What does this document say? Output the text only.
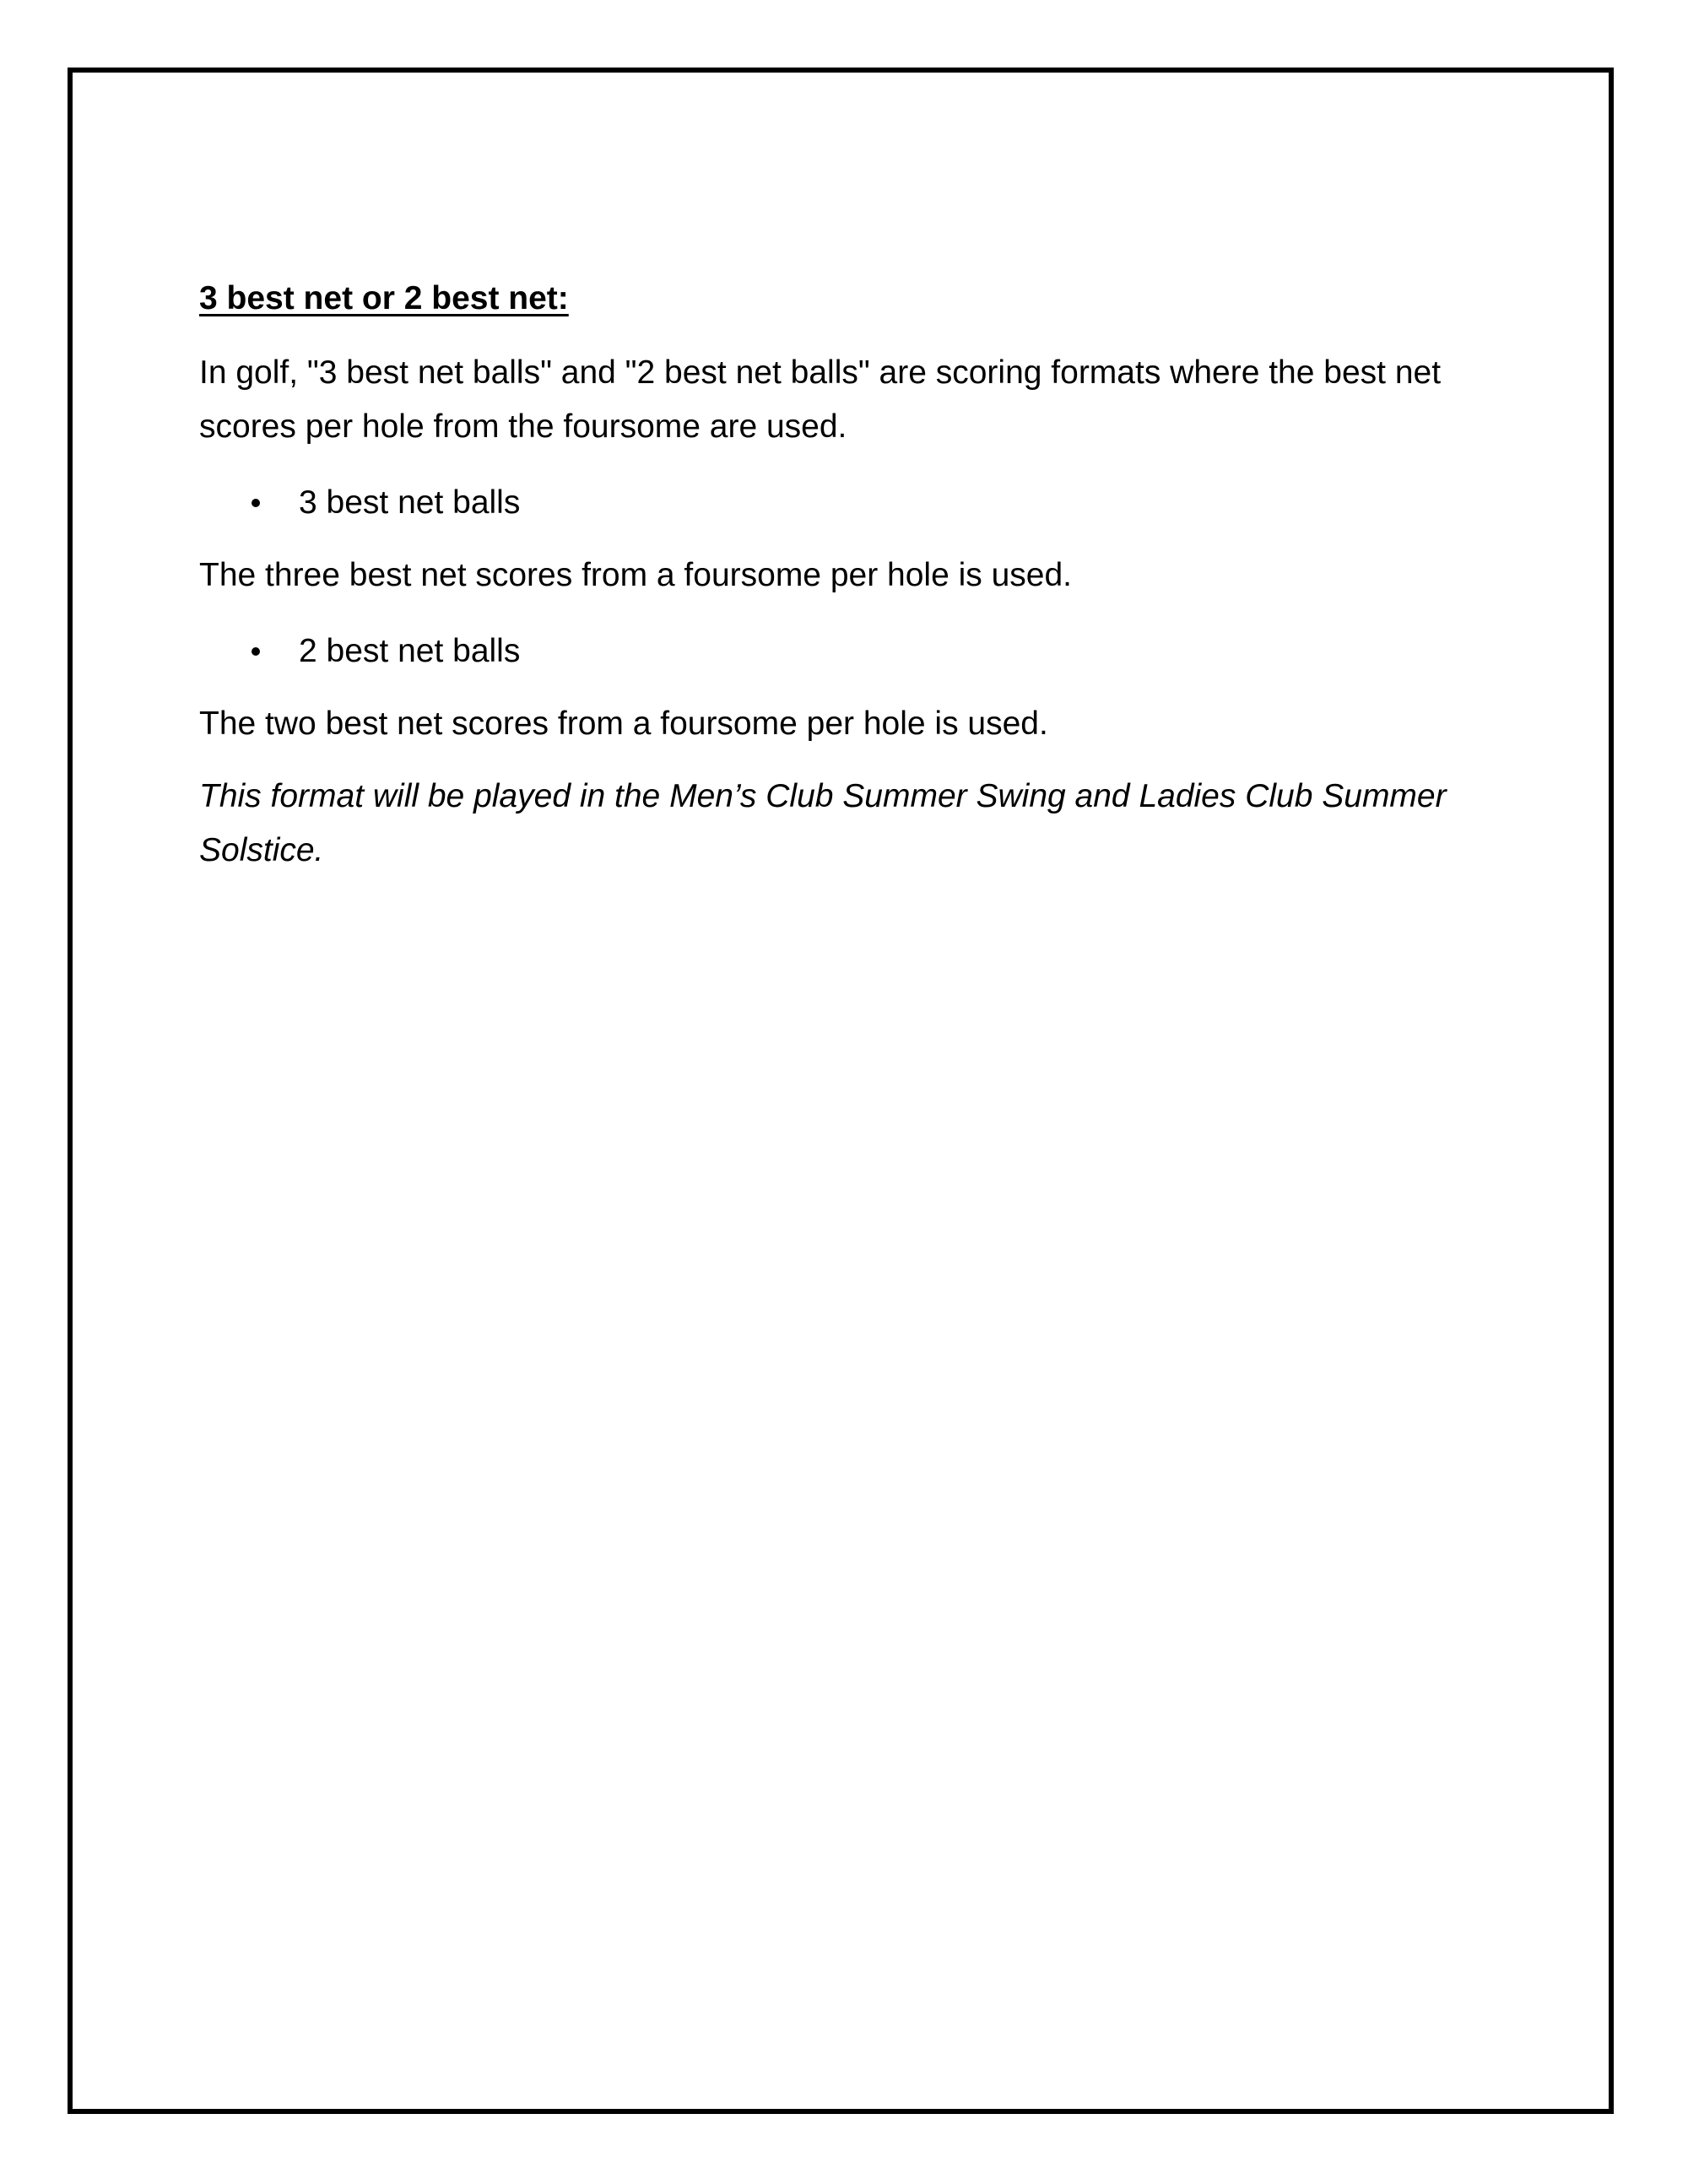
3 best net or 2 best net:

In golf, "3 best net balls" and "2 best net balls" are scoring formats where the best net scores per hole from the foursome are used.

3 best net balls

The three best net scores from a foursome per hole is used.

2 best net balls

The two best net scores from a foursome per hole is used.

This format will be played in the Men’s Club Summer Swing and Ladies Club Summer Solstice.
